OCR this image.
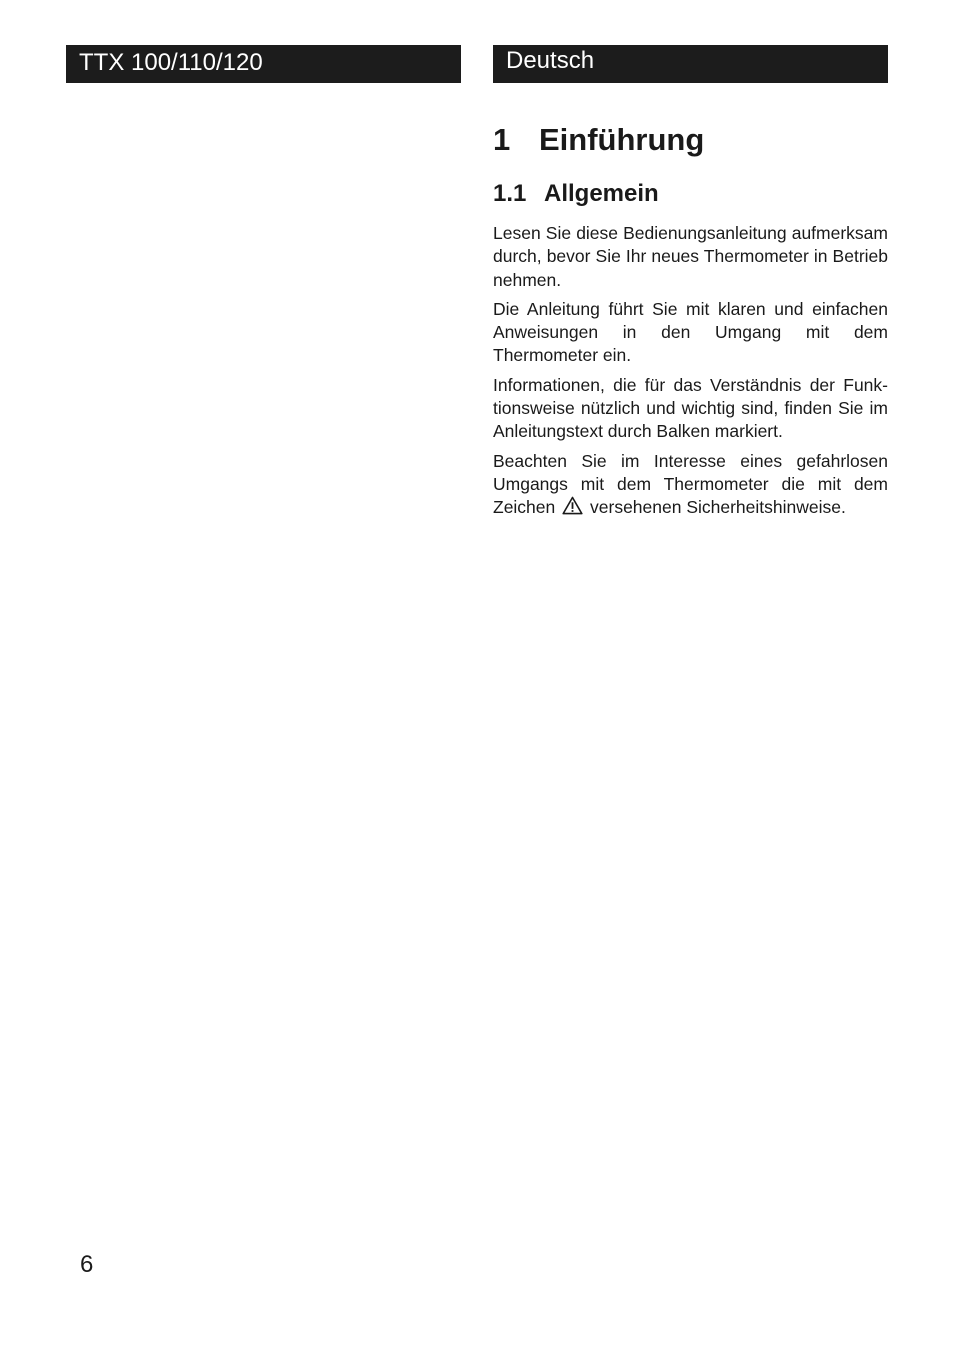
TTX 100/110/120	Deutsch
1 Einführung
1.1 Allgemein

Lesen Sie diese Bedienungsanleitung aufmerksam durch, bevor Sie Ihr neues Thermometer in Betrieb nehmen.

Die Anleitung führt Sie mit klaren und einfachen Anweisungen in den Umgang mit dem Thermometer ein.

Informationen, die für das Verständnis der Funktionsweise nützlich und wichtig sind, finden Sie im Anleitungstext durch Balken markiert.

Beachten Sie im Interesse eines gefahrlosen Umgangs mit dem Thermometer die mit dem Zeichen versehenen Sicherheitshinweise.

6
